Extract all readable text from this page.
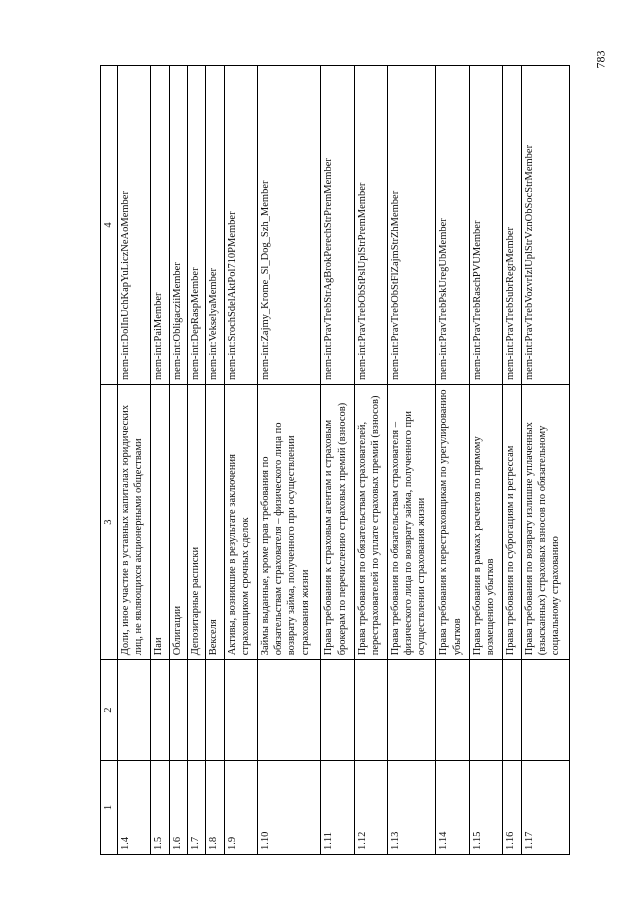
783
1	2	3	4
1.4		Доли, иное участие в уставных капиталах юридических лиц, не являющихся акционерными обществами	mem-int:DolInUchKapYuLiczNeAoMember
1.5		Паи	mem-int:PaiMember
1.6		Облигации	mem-int:ObligacziiMember
1.7		Депозитарные расписки	mem-int:DepRaspMember
1.8		Векселя	mem-int:VekselyaMember
1.9		Активы, возникшие в результате заключения страховщиком срочных сделок	mem-int:SrochSdelAktPol710PMember
1.10		Займы выданные, кроме прав требования по обязательствам страхователя – физического лица по возврату займа, полученного при осуществлении страхования жизни	mem-int:Zajmy_Krome_Sl_Dog_Szh_Member
1.11		Права требования к страховым агентам и страховым брокерам по перечислению страховых премий (взносов)	mem-int:PravTrebStrAgBrokPerechStrPremMember
1.12		Права требования по обязательствам страхователей, перестрахователей по уплате страховых премий (взносов)	mem-int:PravTrebObStPslUplStrPremMember
1.13		Права требования по обязательствам страхователя – физического лица по возврату займа, полученного при осуществлении страхования жизни	mem-int:PravTrebObStFlZajmStrZhMember
1.14		Права требования к перестраховщикам по урегулированию убытков	mem-int:PravTrebPskUregUbMember
1.15		Права требования в рамках расчетов по прямому возмещению убытков	mem-int:PravTrebRaschPVUMember
1.16		Права требования по суброгациям и регрессам	mem-int:PravTrebSubrRegrMember
1.17		Права требования по возврату излишне уплаченных (взысканных) страховых взносов по обязательному социальному страхованию	mem-int:PravTrebVozvrIzlUplStrVznObSocStrMember
